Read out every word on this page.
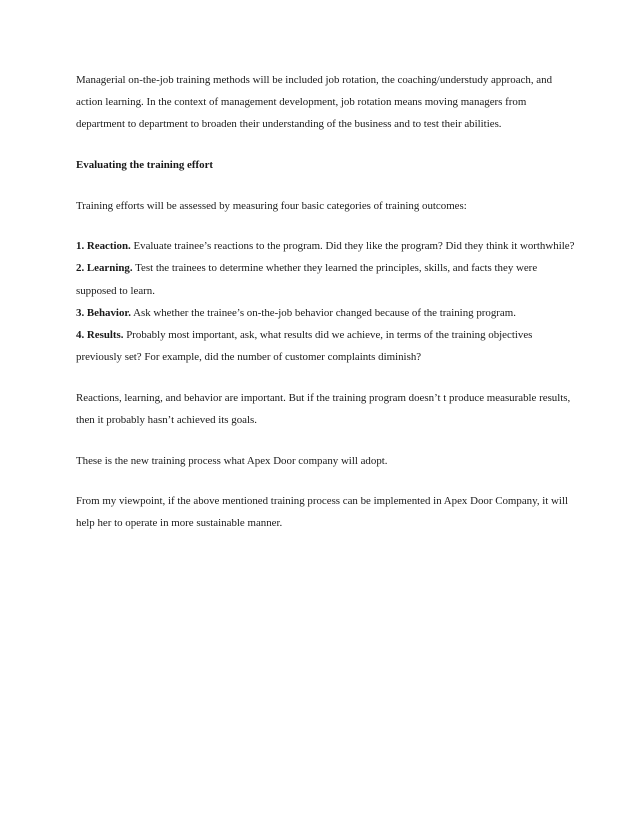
Managerial on-the-job training methods will be included job rotation, the coaching/understudy approach, and action learning. In the context of management development, job rotation means moving managers from department to department to broaden their understanding of the business and to test their abilities.

Evaluating the training effort

Training efforts will be assessed by measuring four basic categories of training outcomes:

1. Reaction. Evaluate trainee’s reactions to the program. Did they like the program? Did they think it worthwhile?

2. Learning. Test the trainees to determine whether they learned the principles, skills, and facts they were supposed to learn.

3. Behavior. Ask whether the trainee’s on-the-job behavior changed because of the training program.

4. Results. Probably most important, ask, what results did we achieve, in terms of the training objectives previously set? For example, did the number of customer complaints diminish?

Reactions, learning, and behavior are important. But if the training program doesn’t t produce measurable results, then it probably hasn’t achieved its goals.

These is the new training process what Apex Door company will adopt.

From my viewpoint, if the above mentioned training process can be implemented in Apex Door Company, it will help her to operate in more sustainable manner.
